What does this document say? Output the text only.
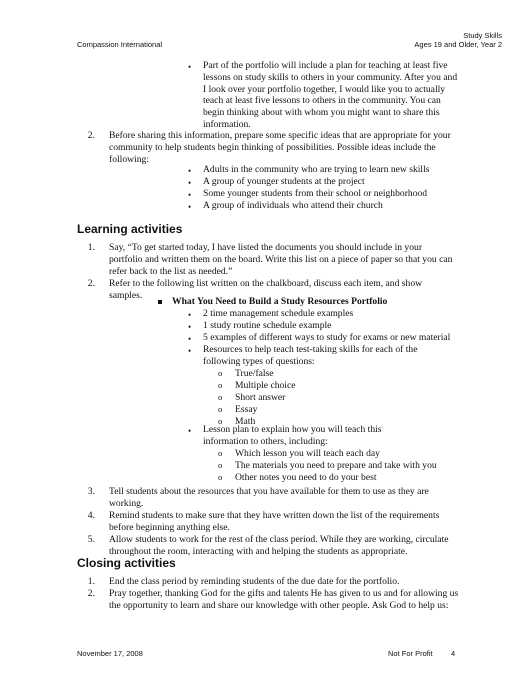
Compassion International
Study Skills
Ages 19 and Older, Year 2
• Part of the portfolio will include a plan for teaching at least five lessons on study skills to others in your community. After you and I look over your portfolio together, I would like you to actually teach at least five lessons to others in the community. You can begin thinking about with whom you might want to share this information.
2. Before sharing this information, prepare some specific ideas that are appropriate for your community to help students begin thinking of possibilities. Possible ideas include the following:
• Adults in the community who are trying to learn new skills
• A group of younger students at the project
• Some younger students from their school or neighborhood
• A group of individuals who attend their church
Learning activities
1. Say, “To get started today, I have listed the documents you should include in your portfolio and written them on the board. Write this list on a piece of paper so that you can refer back to the list as needed.”
2. Refer to the following list written on the chalkboard, discuss each item, and show samples.
What You Need to Build a Study Resources Portfolio
• 2 time management schedule examples
• 1 study routine schedule example
• 5 examples of different ways to study for exams or new material
• Resources to help teach test-taking skills for each of the following types of questions:
o True/false
o Multiple choice
o Short answer
o Essay
o Math
• Lesson plan to explain how you will teach this information to others, including:
o Which lesson you will teach each day
o The materials you need to prepare and take with you
o Other notes you need to do your best
3. Tell students about the resources that you have available for them to use as they are working.
4. Remind students to make sure that they have written down the list of the requirements before beginning anything else.
5. Allow students to work for the rest of the class period. While they are working, circulate throughout the room, interacting with and helping the students as appropriate.
Closing activities
1. End the class period by reminding students of the due date for the portfolio.
2. Pray together, thanking God for the gifts and talents He has given to us and for allowing us the opportunity to learn and share our knowledge with other people. Ask God to help us:
November 17, 2008	Not For Profit 4
